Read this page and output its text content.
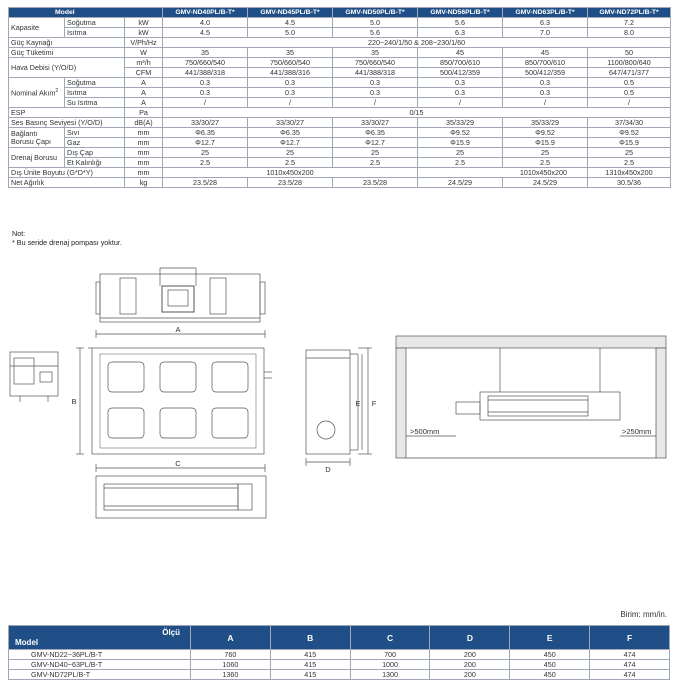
Model			GMV-ND40PL/B-T*	GMV-ND45PL/B-T*	GMV-ND50PL/B-T*	GMV-ND56PL/B-T*	GMV-ND63PL/B-T*	GMV-ND72PL/B-T*
Kapasite	Soğutma	kW	4.0	4.5	5.0	5.6	6.3	7.2
	Isıtma	kW	4.5	5.0	5.6	6.3	7.0	8.0
Güç Kaynağı		V/Ph/Hz	220~240/1/50 & 208~230/1/60					
Güç Tüketimi		W	35	35	35	45	45	50
Hava Debisi (Y/O/D)		m³/h	750/660/540	750/660/540	750/660/540	850/700/610	850/700/610	1100/800/640
		CFM	441/388/318	441/388/316	441/388/318	500/412/359	500/412/359	647/471/377
Nominal Akım$^2$	Soğutma	A	0.3	0.3	0.3	0.3	0.3	0.5
	Isıtma	A	0.3	0.3	0.3	0.3	0.3	0.5
	Su Isıtma	A	/	/	/	/	/	/
ESP		Pa	0/15					
Ses Basınç Seviyesi (Y/O/D)		dB(A)	33/30/27	33/30/27	33/30/27	35/33/29	35/33/29	37/34/30
Bağlantı Borusu Çapı	Sıvı	mm	Φ6.35	Φ6.35	Φ6.35	Φ9.52	Φ9.52	Φ9.52
	Gaz	mm	Φ12.7	Φ12.7	Φ12.7	Φ15.9	Φ15.9	Φ15.9
Drenaj Borusu	Dış Çap	mm	25	25	25	25	25	25
	Et Kalınlığı	mm	2.5	2.5	2.5	2.5	2.5	2.5
Dış Ünite Boyutu (G*D*Y)		mm	1010x450x200			1010x450x200		1310x450x200
Net Ağırlık		kg	23.5/28	23.5/28	23.5/28	24.5/29	24.5/29	30.5/36
Not:
* Bu seride drenaj pompası yoktur.
A
B
C
D
E F
>500mm	>250mm
Birim: mm/in.
Ölçü
Model	A	B	C	D	E	F
GMV-ND22~36PL/B-T	760	415	700	200	450	474
GMV-ND40~63PL/B-T	1060	415	1000	200	450	474
GMV-ND72PL/B-T	1360	415	1300	200	450	474
